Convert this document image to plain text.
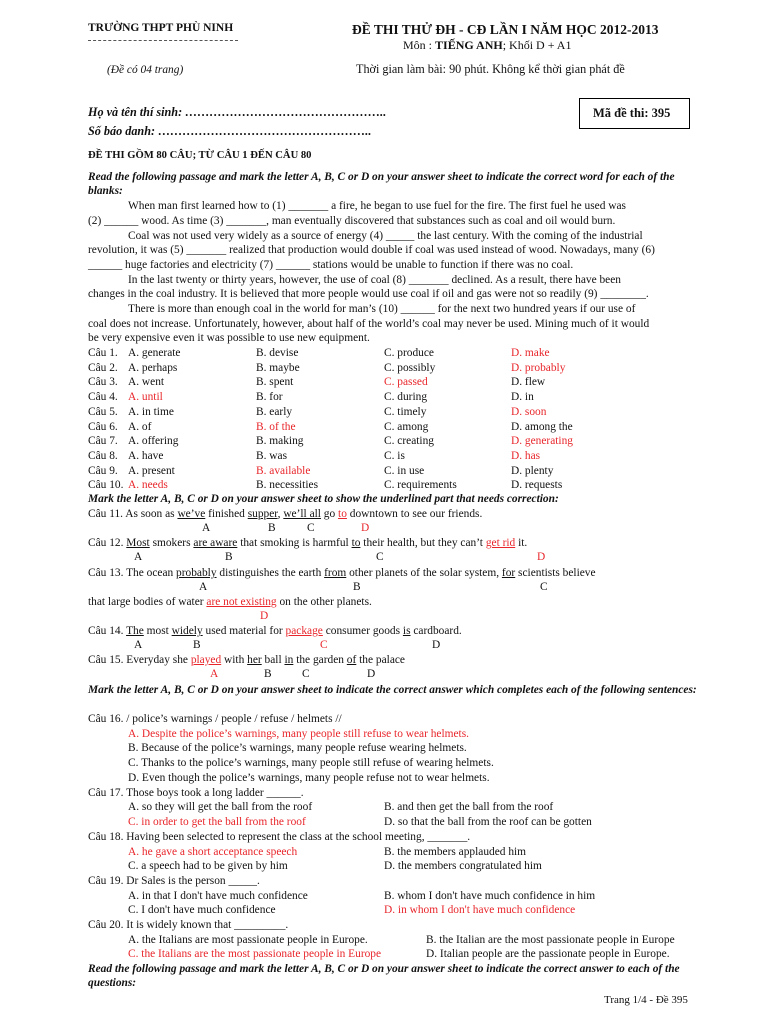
TRƯỜNG THPT PHÙ NINH
(Đề có 04 trang)
ĐỀ THI THỬ ĐH - CĐ LẦN I NĂM HỌC 2012-2013
Môn : TIẾNG ANH; Khối D + A1
Thời gian làm bài: 90 phút. Không kể thời gian phát đề
Họ và tên thí sinh: …………………………………………..
Số báo danh: ……………………………………………..
Mã đề thi: 395
ĐỀ THI GỒM 80 CÂU; TỪ CÂU 1 ĐẾN CÂU 80
Read the following passage and mark the letter A, B, C or D on your answer sheet to indicate the correct word for each of the blanks:
When man first learned how to (1) _______ a fire, he began to use fuel for the fire. The first fuel he used was
(2) ______ wood. As time (3) _______, man eventually discovered that substances such as coal and oil would burn.
Coal was not used very widely as a source of energy (4) _____ the last century. With the coming of the industrial
revolution, it was (5) _______ realized that production would double if coal was used instead of wood. Nowadays, many (6)
______ huge factories and electricity (7) ______ stations would be unable to function if there was no coal.
In the last twenty or thirty years, however, the use of coal (8) _______ declined. As a result, there have been
changes in the coal industry. It is believed that more people would use coal if oil and gas were not so readily (9) ________.
There is more than enough coal in the world for man’s (10) ______ for the next two hundred years if our use of
coal does not increase. Unfortunately, however, about half of the world’s coal may never be used. Mining much of it would
be very expensive even it was possible to use new equipment.
Câu 1. A. generate	B. devise	C. produce	D. make
Câu 2. A. perhaps	B. maybe	C. possibly	D. probably
Câu 3. A. went	B. spent	C. passed	D. flew
Câu 4. A. until	B. for	C. during	D. in
Câu 5. A. in time	B. early	C. timely	D. soon
Câu 6. A. of	B. of the	C. among	D. among the
Câu 7. A. offering	B. making	C. creating	D. generating
Câu 8. A. have	B. was	C. is	D. has
Câu 9. A. present	B. available	C. in use	D. plenty
Câu 10. A. needs	B. necessities	C. requirements	D. requests
Mark the letter A, B, C or D on your answer sheet to show the underlined part that needs correction:
Câu 11. As soon as we’ve finished supper, we’ll all go to downtown to see our friends.
A	B	C	D
Câu 12. Most smokers are aware that smoking is harmful to their health, but they can’t get rid it.
A	B	C	D
Câu 13. The ocean probably distinguishes the earth from other planets of the solar system, for scientists believe
A	B	C
that large bodies of water are not existing on the other planets.
D
Câu 14. The most widely used material for package consumer goods is cardboard.
A	B	C	D
Câu 15. Everyday she played with her ball in the garden of the palace
A	B	C	D
Mark the letter A, B, C or D on your answer sheet to indicate the correct answer which completes each of the following sentences:
Câu 16. / police’s warnings / people / refuse / helmets //
A. Despite the police’s warnings, many people still refuse to wear helmets.
B. Because of the police’s warnings, many people refuse wearing helmets.
C. Thanks to the police’s warnings, many people still refuse of wearing helmets.
D. Even though the police’s warnings, many people refuse not to wear helmets.
Câu 17. Those boys took a long ladder ______.
A. so they will get the ball from the roof	B. and then get the ball from the roof
C. in order to get the ball from the roof	D. so that the ball from the roof can be gotten
Câu 18. Having been selected to represent the class at the school meeting, _______.
A. he gave a short acceptance speech	B. the members applauded him
C. a speech had to be given by him	D. the members congratulated him
Câu 19. Dr Sales is the person _____.
A. in that I don't have much confidence	B. whom I don't have much confidence in him
C. I don't have much confidence	D. in whom I don't have much confidence
Câu 20. It is widely known that _________.
A. the Italians are most passionate people in Europe.	B. the Italian are the most passionate people in Europe
C. the Italians are the most passionate people in Europe	D. Italian people are the passionate people in Europe.
Read the following passage and mark the letter A, B, C or D on your answer sheet to indicate the correct answer to each of the questions:
Trang 1/4 - Đề 395
